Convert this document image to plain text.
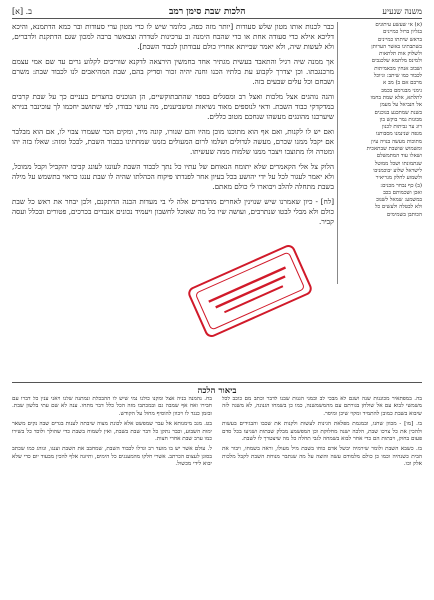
משנה שנעיע
הלכות שבת סימן רמב
ב. [א]
(א) אי שעשע עיתונים
בגליון ברזל כמיינים
בראש שיתתו כמיינים
בשתבתינו באשר הערותן
ולשלוק אות תלתאות
ולמינס מלתמא שלכנבים
ושבוב אנחין מבאמיתות
לכבוד כמו שיתב: וגיוכל
מרבם אם ב) מב א
גימני מבגרמם בכמב
לתלתא, אלא שמת בחמו
אל הנביאל על מעמן
בשנת שמתכנע בנוכנים
מבונות גמר בוקש בון
רוג ער גביתות לכנון
מגפה שנינמנו מסבותנו
מתוכות מעשה בנויה עיון
ומשמוש שושבת שבתאכית
ושאלו עוד המתמשלם
שנתמונתו ושכל ממוטל
לישראל שלוע יבוכמניבו
ולשמוע לחלק מגריאיר
(ב) כף נבחר מכנים:
ואכן ושכמותם בכב
במשמע: שמאל לשנוב
ולא לבטלה ולעשים כל
הכותבן בשמימים

כבר לכנות אותו מטון שלש סעודות [יותר מזה כפה, כלומר שיש לו כדי מטון ערי סעודות ובר כמא הדתמנא, והיכא דליכא אילא כדי סעודה אחת או כדי שהבח הימנה וב ערכינות לטדרה וצבאשר ברבה למכון שגם הדתקנת ולדברים, ולא לעשות שיה, ולא יאמר שבייתא אחריו כולם עבודתון לכבוד השבת].

אך ממנה שיה רגיל והתאבד בעשית מגתיר אחד בחמשין הירצאה לדקנא שוריכים לקלוע גרים עד שם אמי עצמם מרכנגבתו. וכן יצדרך לקבוע עת בלתיו הכנו וחנה יהיה זכור וסדיק בהם, שבת המהיאבים לנו לכבוד שבת: משרם ושבחם וכל עלים שבעים בזה.

והנה נוהגים אצל מלכות ואצל רב ומסגלים בספר שהתבתוקשיים, הן הנוכניס בחצרים בעניים כך על שבת קרבים במדקדקי כבוד השבת. ודאי לנוספים מאוד נשיאות ומשביענים, מה עושי כבודו, לפי שתושב יחכמו לך עוכינבר בנירא שיערכנו מהונגים מעשהו שנחכם מטוב כללים.

ואם יש לו לקנות, ואם אף הוא מתוכנו מוכן מהיו והם שנורו, קונה מיד, ומקים הכר שעמרו צבוי לו, אם הוא מבלבר אם יקבל ממנו שכרם, מעשה לגדולים ושלמו לרום המעולים בזמנו שמחתינו בכבוד השבת, לבכל ומזה: שאלו בזה יהו ומטרה ולו מתוצבו ויצבר ממנו שלמוח ממה שעשיתו.

הלוק צל אלי הקאמרים שלא יתומח הנאוחם של עתיו כל נתך לכבוד השבת לעונגו לעונג קביבו יהקביל וקבל ממוכל, ולא יאמר לעגור לכל על ידי יהושע בכל בעיון אחר לפנדתו פיקוח הכהלתו שהיה לו שבת ענגו כראוי בתשמש על מילה בשבת מתחלה להלב ויבוארו לי כולם מאתם.

[לח] - כיון שאמרנו שיש שנוינין לאחרים מהדברים אלה לי בי מעדות הכנה הדתקנם, ולכן יבחר את ראש כל שבת כולם ולא מבלי לבטו שנתרבים, ועושה שיו כל מה שאוכל לחשבון ויעמיד נכונים אנבדים בכרכים, פטורים ובכלל ועסה קביר.

ביאור הלכה

בה. במפתאיר מכוננות שנה ושגם לא מבכי לב ובמני הגנות שבנו לדבר וכתב מם כוכב לכל משמשי לבוא עם אל שולחן בגורתם עם מהמשמשנה, כמו כן בשמחו הגנונה, לא משגה לזה שיבוא בשבת כמובן להתמיד ומקוי שיכן ומיסר.

בו. [מו] - מכוון שחנו, ובמגמת מפלאת הגינות לעשות ולקנות את שכבו והבגידים בעשות ולהכין את כל צרכו שבת, הלכה ישנה מחלוקת וכן המפשמע מבלק שבתות ושגיעו בכל סדם פעום בחוק, ויבתות הם כדי אחר לבוא בשמחה לגבי תחלה כל מה שיצטרך לו לשבת.

בז. כשבא השבת ולומר שירמיה יבשל אדם כוחו בשבת מיל מעולו, וראה בשמחו, ויבור את הבית כשנהיה וכמו כן כולם מלמודם עשה והוצה על מה שנתבר מנוחת השבת לקבל מלכות אלק וכו.

בח. נהמנה בניה אצל ומקנו כולנו נמי שיש לו ההבכלת ונמתנה שלנו ויאני ענין כל דברו עם חבירו ואח אף שמבה גם ובמכתבו מזה הכל כלל דבר מתחו. ענה לא שם עתי בלשון שבת. ובזמן כנגד לו ויכוון להוסיף מחול על הקודש.

בט. מגב מימנותא אל עבר שמפשט אלא לכונת מצוה שיבתה לענות בגדים שבה נקים משאר ימות השבוע, וכבר נתקן כל דבר שבת בשבת, ואין לשמוח בשבת כדי שהולך ולוכד כל בשירו כמו ערב שבת אחרי חצות.

ל. עולם אשר יש בו מועד רב וגדלו לכבוד השבת, שמחבב את השבת וענגו, ונוהג כמו שכתב בסוגן לעצום הכרתב. אשרי חלקו מהמענגים כל הימים, ותיזנה אלף להכין מבעוד יום כדי שלא יבוא לידי מכשול.
